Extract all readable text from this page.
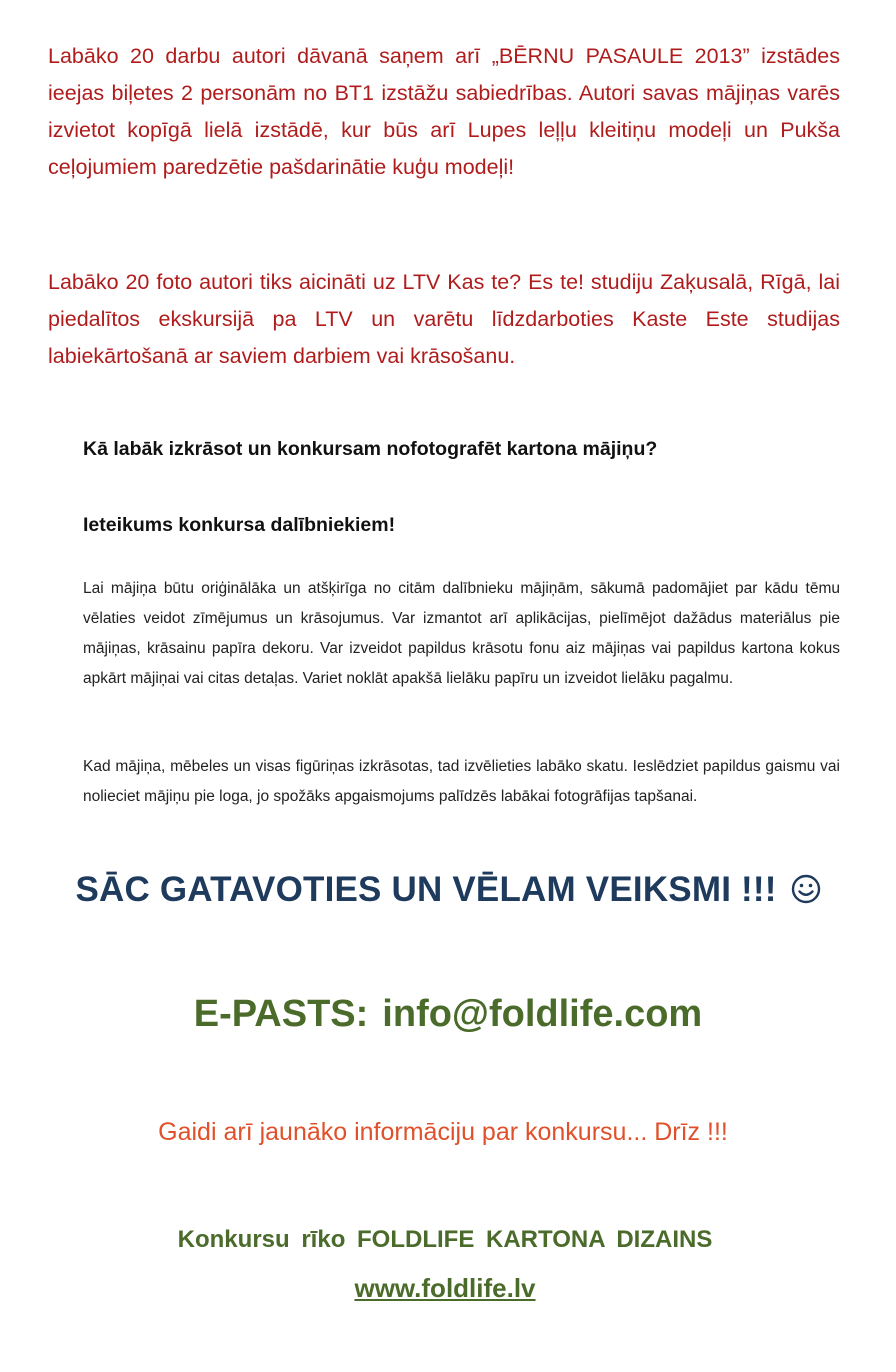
Labāko 20 darbu autori dāvanā saņem arī „BĒRNU PASAULE 2013” izstādes ieejas biļetes 2 personām no BT1 izstāžu sabiedrības. Autori savas mājiņas varēs izvietot kopīgā lielā izstādē, kur būs arī Lupes leļļu kleitiņu modeļi un Pukša ceļojumiem paredzētie pašdarinātie kuģu modeļi!

Labāko 20 foto autori tiks aicināti uz LTV Kas te? Es te! studiju Zaķusalā, Rīgā, lai piedalītos ekskursijā pa LTV un varētu līdzdarboties Kaste Este studijas labiekārtošanā ar saviem darbiem vai krāsošanu.

Kā labāk izkrāsot un konkursam nofotografēt kartona mājiņu?
Ieteikums konkursa dalībniekiem!

Lai mājiņa būtu oriģinālāka un atšķirīga no citām dalībnieku mājiņām, sākumā padomājiet par kādu tēmu vēlaties veidot zīmējumus un krāsojumus. Var izmantot arī aplikācijas, pielīmējot dažādus materiālus pie mājiņas, krāsainu papīra dekoru. Var izveidot papildus krāsotu fonu aiz mājiņas vai papildus kartona kokus apkārt mājiņai vai citas detaļas. Variet noklāt apakšā lielāku papīru un izveidot lielāku pagalmu.

Kad mājiņa, mēbeles un visas figūriņas izkrāsotas, tad izvēlieties labāko skatu. Ieslēdziet papildus gaismu vai nolieciet mājiņu pie loga, jo spožāks apgaismojums palīdzēs labākai fotogrāfijas tapšanai.

SĀC GATAVOTIES UN VĒLAM VEIKSMI !!!
E-PASTS: info@foldlife.com

Gaidi arī jaunāko informāciju par konkursu... Drīz !!!

Konkursu rīko FOLDLIFE KARTONA DIZAINS

www.foldlife.lv
